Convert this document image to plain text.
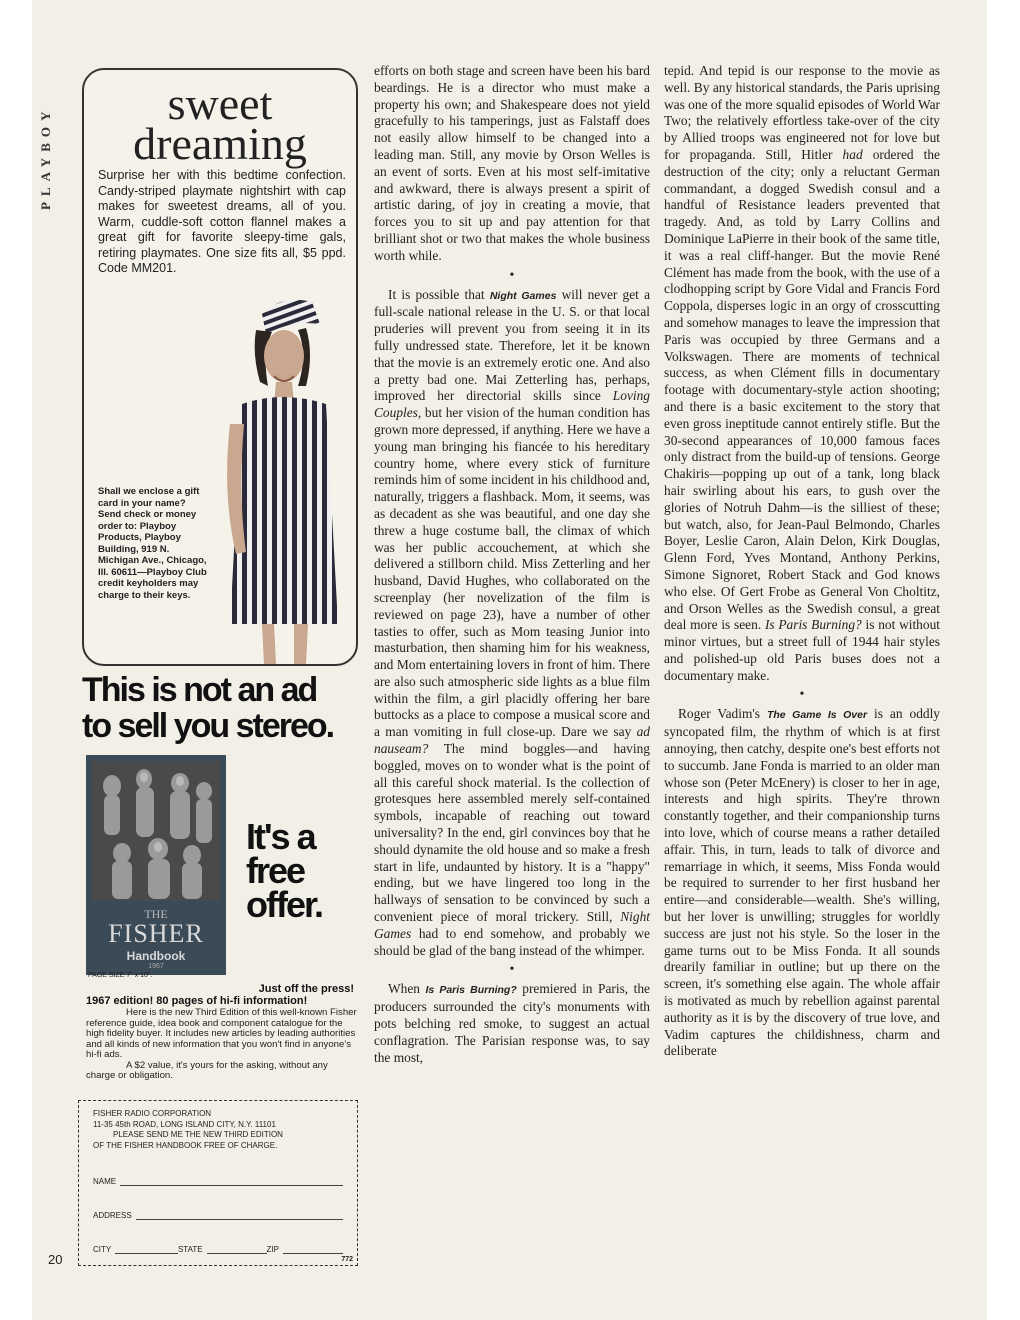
PLAYBOY
20
sweet
dreaming
Surprise her with this bedtime confection. Candy-striped playmate nightshirt with cap makes for sweetest dreams, all of you. Warm, cuddle-soft cotton flannel makes a great gift for favorite sleepy-time gals, retiring playmates. One size fits all, $5 ppd. Code MM201.
Shall we enclose a gift card in your name? Send check or money order to: Playboy Products, Playboy Building, 919 N. Michigan Ave., Chicago, Ill. 60611—Playboy Club credit keyholders may charge to their keys.
This is not an ad
to sell you stereo.
THE
FISHER
Handbook
1967
It's a
free
offer.
PAGE SIZE 7" x 10".
Just off the press!
1967 edition! 80 pages of hi-fi information!

Here is the new Third Edition of this well-known Fisher reference guide, idea book and component catalogue for the high fidelity buyer. It includes new articles by leading authorities and all kinds of new information that you won't find in anyone's hi-fi ads.

A $2 value, it's yours for the asking, without any charge or obligation.

FISHER RADIO CORPORATION
11-35 45th ROAD, LONG ISLAND CITY, N.Y. 11101
PLEASE SEND ME THE NEW THIRD EDITION
OF THE FISHER HANDBOOK FREE OF CHARGE.
NAME
ADDRESS
CITY	STATE	ZIP
772

efforts on both stage and screen have been his bard beardings. He is a director who must make a property his own; and Shakespeare does not yield gracefully to his tamperings, just as Falstaff does not easily allow himself to be changed into a leading man. Still, any movie by Orson Welles is an event of sorts. Even at his most self-imitative and awkward, there is always present a spirit of artistic daring, of joy in creating a movie, that forces you to sit up and pay attention for that brilliant shot or two that makes the whole business worth while.

•

It is possible that Night Games will never get a full-scale national release in the U. S. or that local pruderies will prevent you from seeing it in its fully undressed state. Therefore, let it be known that the movie is an extremely erotic one. And also a pretty bad one. Mai Zetterling has, perhaps, improved her directorial skills since Loving Couples, but her vision of the human condition has grown more depressed, if anything. Here we have a young man bringing his fiancée to his hereditary country home, where every stick of furniture reminds him of some incident in his childhood and, naturally, triggers a flashback. Mom, it seems, was as decadent as she was beautiful, and one day she threw a huge costume ball, the climax of which was her public accouchement, at which she delivered a stillborn child. Miss Zetterling and her husband, David Hughes, who collaborated on the screenplay (her novelization of the film is reviewed on page 23), have a number of other tasties to offer, such as Mom teasing Junior into masturbation, then shaming him for his weakness, and Mom entertaining lovers in front of him. There are also such atmospheric side lights as a blue film within the film, a girl placidly offering her bare buttocks as a place to compose a musical score and a man vomiting in full close-up. Dare we say ad nauseam? The mind boggles—and having boggled, moves on to wonder what is the point of all this careful shock material. Is the collection of grotesques here assembled merely self-contained symbols, incapable of reaching out toward universality? In the end, girl convinces boy that he should dynamite the old house and so make a fresh start in life, undaunted by history. It is a "happy" ending, but we have lingered too long in the hallways of sensation to be convinced by such a convenient piece of moral trickery. Still, Night Games had to end somehow, and probably we should be glad of the bang instead of the whimper.

•

When Is Paris Burning? premiered in Paris, the producers surrounded the city's monuments with pots belching red smoke, to suggest an actual conflagration. The Parisian response was, to say the most,

tepid. And tepid is our response to the movie as well. By any historical standards, the Paris uprising was one of the more squalid episodes of World War Two; the relatively effortless take-over of the city by Allied troops was engineered not for love but for propaganda. Still, Hitler had ordered the destruction of the city; only a reluctant German commandant, a dogged Swedish consul and a handful of Resistance leaders prevented that tragedy. And, as told by Larry Collins and Dominique LaPierre in their book of the same title, it was a real cliff-hanger. But the movie René Clément has made from the book, with the use of a clodhopping script by Gore Vidal and Francis Ford Coppola, disperses logic in an orgy of crosscutting and somehow manages to leave the impression that Paris was occupied by three Germans and a Volkswagen. There are moments of technical success, as when Clément fills in documentary footage with documentary-style action shooting; and there is a basic excitement to the story that even gross ineptitude cannot entirely stifle. But the 30-second appearances of 10,000 famous faces only distract from the build-up of tensions. George Chakiris—popping up out of a tank, long black hair swirling about his ears, to gush over the glories of Notruh Dahm—is the silliest of these; but watch, also, for Jean-Paul Belmondo, Charles Boyer, Leslie Caron, Alain Delon, Kirk Douglas, Glenn Ford, Yves Montand, Anthony Perkins, Simone Signoret, Robert Stack and God knows who else. Of Gert Frobe as General Von Choltitz, and Orson Welles as the Swedish consul, a great deal more is seen. Is Paris Burning? is not without minor virtues, but a street full of 1944 hair styles and polished-up old Paris buses does not a documentary make.

•

Roger Vadim's The Game Is Over is an oddly syncopated film, the rhythm of which is at first annoying, then catchy, despite one's best efforts not to succumb. Jane Fonda is married to an older man whose son (Peter McEnery) is closer to her in age, interests and high spirits. They're thrown constantly together, and their companionship turns into love, which of course means a rather detailed affair. This, in turn, leads to talk of divorce and remarriage in which, it seems, Miss Fonda would be required to surrender to her first husband her entire—and considerable—wealth. She's willing, but her lover is unwilling; struggles for worldly success are just not his style. So the loser in the game turns out to be Miss Fonda. It all sounds drearily familiar in outline; but up there on the screen, it's something else again. The whole affair is motivated as much by rebellion against parental authority as it is by the discovery of true love, and Vadim captures the childishness, charm and deliberate
